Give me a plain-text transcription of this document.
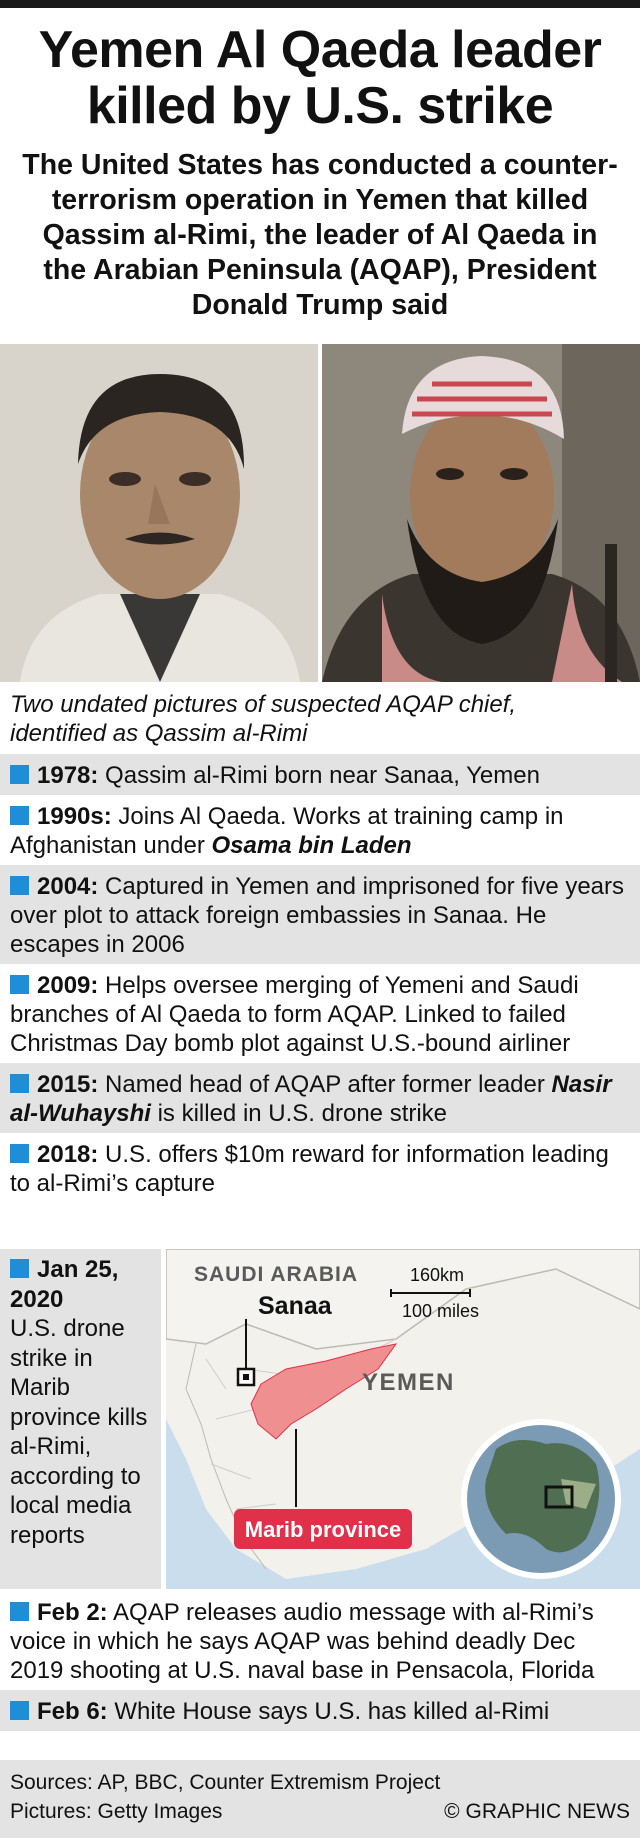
Yemen Al Qaeda leader
killed by U.S. strike
The United States has conducted a counter-terrorism operation in Yemen that killed Qassim al-Rimi, the leader of Al Qaeda in the Arabian Peninsula (AQAP), President Donald Trump said
Two undated pictures of suspected AQAP chief,
identified as Qassim al-Rimi
1978: Qassim al-Rimi born near Sanaa, Yemen
1990s: Joins Al Qaeda. Works at training camp in Afghanistan under Osama bin Laden
2004: Captured in Yemen and imprisoned for five years over plot to attack foreign embassies in Sanaa. He escapes in 2006
2009: Helps oversee merging of Yemeni and Saudi branches of Al Qaeda to form AQAP. Linked to failed Christmas Day bomb plot against U.S.-bound airliner
2015: Named head of AQAP after former leader Nasir al-Wuhayshi is killed in U.S. drone strike
2018: U.S. offers $10m reward for information leading to al-Rimi’s capture
Jan 25, 2020
U.S. drone strike in Marib province kills al-Rimi, according to local media reports
SAUDI ARABIA
Sanaa
YEMEN
160km
100 miles
Marib province
Feb 2: AQAP releases audio message with al-Rimi’s voice in which he says AQAP was behind deadly Dec 2019 shooting at U.S. naval base in Pensacola, Florida
Feb 6: White House says U.S. has killed al-Rimi
Sources: AP, BBC, Counter Extremism Project
Pictures: Getty Images	© GRAPHIC NEWS
